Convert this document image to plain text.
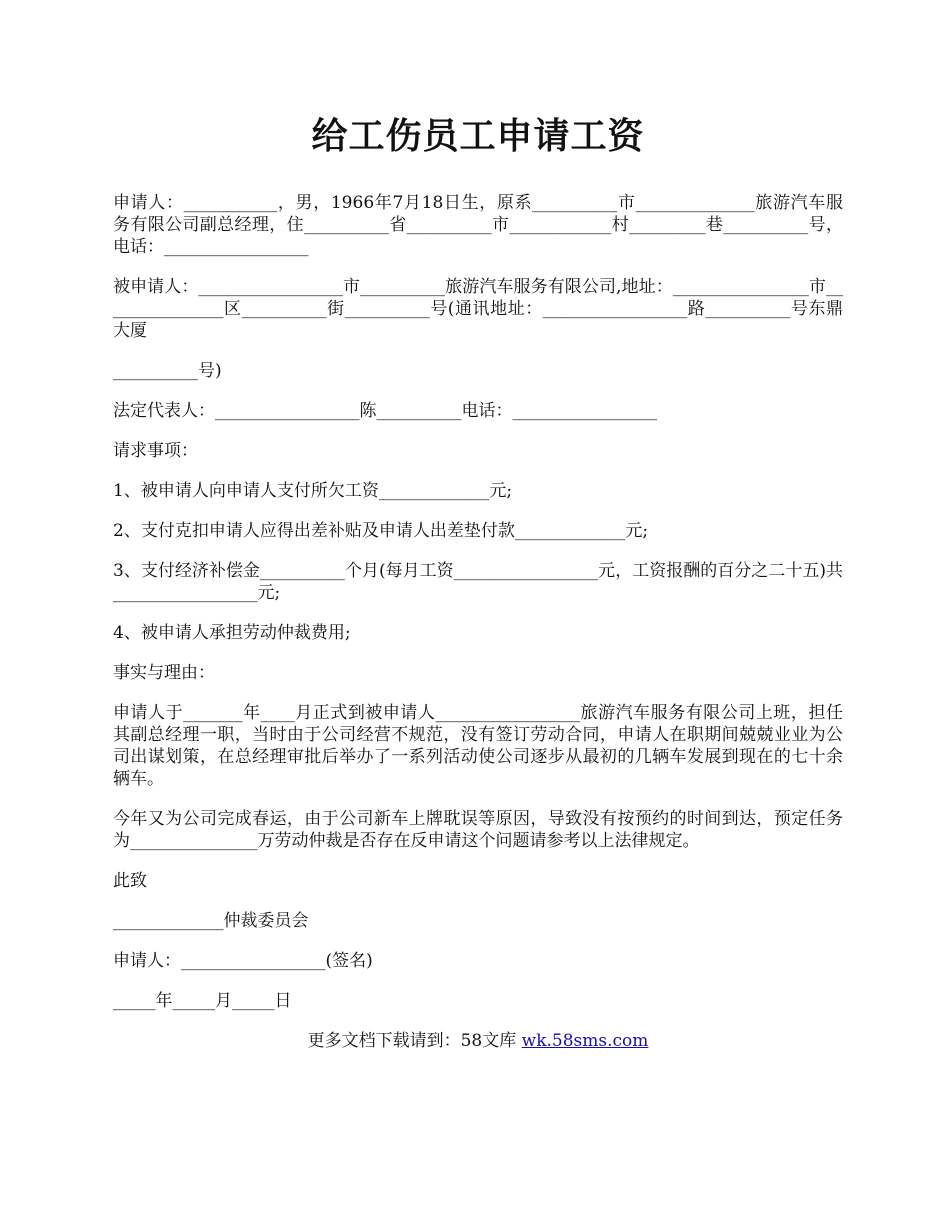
给工伤员工申请工资

申请人：___________，男，1966年7月18日生，原系__________市______________旅游汽车服务有限公司副总经理，住__________省__________市____________村_________巷__________号，电话：_________________

被申请人：_________________市__________旅游汽车服务有限公司,地址：________________市_______________区__________街__________号(通讯地址：_________________路__________号东鼎大厦

__________号)

法定代表人：_________________陈__________电话：_________________

请求事项：

1、被申请人向申请人支付所欠工资_____________元;

2、支付克扣申请人应得出差补贴及申请人出差垫付款_____________元;

3、支付经济补偿金__________个月(每月工资_________________元，工资报酬的百分之二十五)共_________________元;

4、被申请人承担劳动仲裁费用;

事实与理由：

申请人于_______年____月正式到被申请人_________________旅游汽车服务有限公司上班，担任其副总经理一职，当时由于公司经营不规范，没有签订劳动合同，申请人在职期间兢兢业业为公司出谋划策，在总经理审批后举办了一系列活动使公司逐步从最初的几辆车发展到现在的七十余辆车。

今年又为公司完成春运，由于公司新车上牌耽误等原因，导致没有按预约的时间到达，预定任务为_______________万劳动仲裁是否存在反申请这个问题请参考以上法律规定。

此致

_____________仲裁委员会

申请人：_________________(签名)

_____年_____月_____日

更多文档下载请到：58文库 wk.58sms.com
